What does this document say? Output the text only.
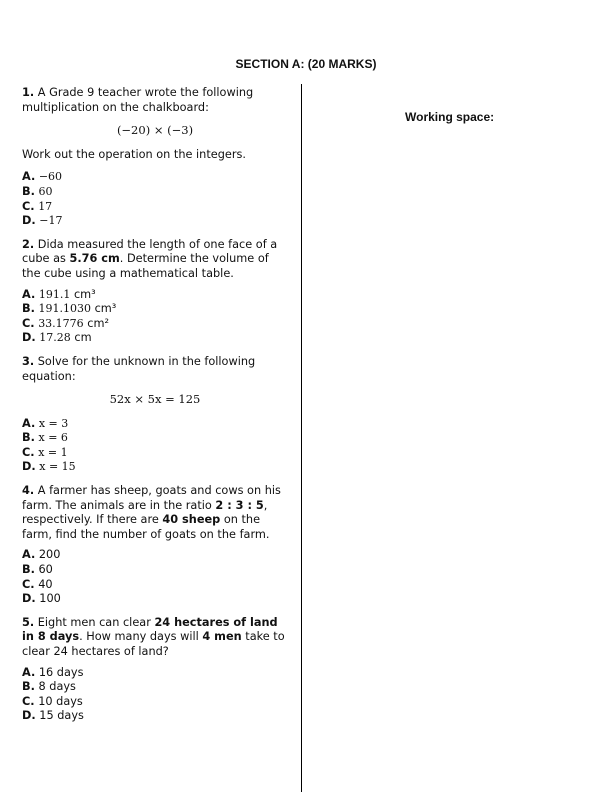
SECTION A: (20 MARKS)
Working space:
1. A Grade 9 teacher wrote the following multiplication on the chalkboard:
(−20) × (−3)
Work out the operation on the integers.
A. −60
B. 60
C. 17
D. −17
2. Dida measured the length of one face of a cube as 5.76 cm. Determine the volume of the cube using a mathematical table.
A. 191.1 cm³
B. 191.1030 cm³
C. 33.1776 cm²
D. 17.28 cm
3. Solve for the unknown in the following equation:
52x × 5x = 125
A. x = 3
B. x = 6
C. x = 1
D. x = 15
4. A farmer has sheep, goats and cows on his farm. The animals are in the ratio 2 : 3 : 5, respectively. If there are 40 sheep on the farm, find the number of goats on the farm.
A. 200
B. 60
C. 40
D. 100
5. Eight men can clear 24 hectares of land in 8 days. How many days will 4 men take to clear 24 hectares of land?
A. 16 days
B. 8 days
C. 10 days
D. 15 days
